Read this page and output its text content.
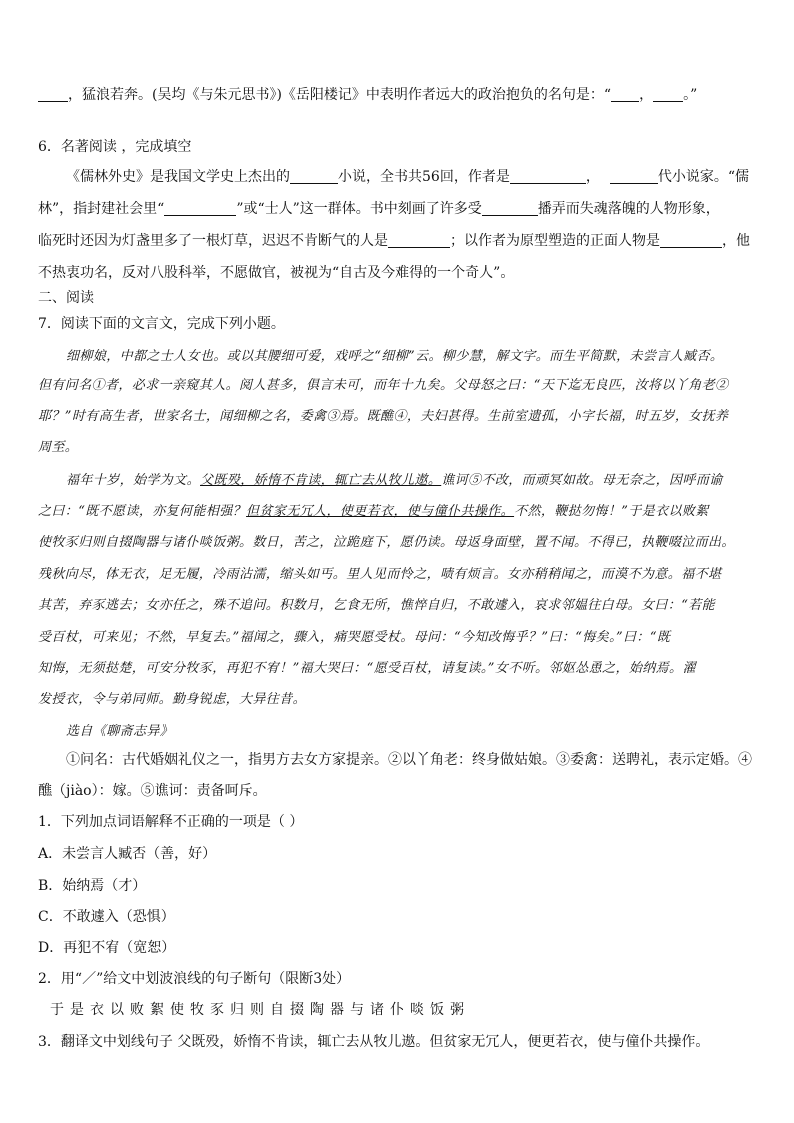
，猛浪若奔。(吴均《与朱元思书》)《岳阳楼记》中表明作者远大的政治抱负的名句是：“ ， 。”
6．名著阅读 ，完成填空
《儒林外史》是我国文学史上杰出的	小说，全书共56回，作者是	，	代小说家。“儒
林”，指封建社会里“	”或“士人”这一群体。书中刻画了许多受	播弄而失魂落魄的人物形象，
临死时还因为灯盏里多了一根灯草，迟迟不肯断气的人是	；以作者为原型塑造的正面人物是	，他
不热衷功名，反对八股科举，不愿做官，被视为“自古及今难得的一个奇人”。
二、阅读
7．阅读下面的文言文，完成下列小题。
细柳娘，中都之士人女也。或以其腰细可爱，戏呼之“细柳”云。柳少慧，解文字。而生平简默，未尝言人臧否。
但有问名①者，必求一亲窥其人。阅人甚多，俱言未可，而年十九矣。父母怒之曰：“天下迄无良匹，汝将以丫角老②
耶？”时有高生者，世家名士，闻细柳之名，委禽③焉。既醮④，夫妇甚得。生前室遗孤，小字长福，时五岁，女抚养
周至。
福年十岁，始学为文。父既殁，娇惰不肯读，辄亡去从牧儿遨。谯诃⑤不改，而顽冥如故。母无奈之，因呼而谕
之曰：“既不愿读，亦复何能相强？但贫家无冗人，使更若衣，使与僮仆共操作。不然，鞭挞勿悔！”于是衣以败絮
使牧豕归则自掇陶器与诸仆啖饭粥。数日，苦之，泣跪庭下，愿仍读。母返身面壁，置不闻。不得已，执鞭啜泣而出。
残秋向尽，体无衣，足无履，冷雨沾濡，缩头如丐。里人见而怜之，啧有烦言。女亦稍稍闻之，而漠不为意。福不堪
其苦，弃豕逃去；女亦任之，殊不追问。积数月，乞食无所，憔悴自归，不敢遽入，哀求邻媪往白母。女曰：“若能
受百杖，可来见；不然，早复去。”福闻之，骤入，痛哭愿受杖。母问：“今知改悔乎？”曰：“悔矣。”曰：“既
知悔，无须挞楚，可安分牧豕，再犯不宥！”福大哭曰：“愿受百杖，请复读。”女不听。邻妪怂恿之，始纳焉。濯
发授衣，令与弟同师。勤身锐虑，大异往昔。
选自《聊斋志异》
①问名：古代婚姻礼仪之一，指男方去女方家提亲。②以丫角老：终身做姑娘。③委禽：送聘礼，表示定婚。④
醮（jiào）：嫁。⑤谯诃：责备呵斥。
1．下列加点词语解释不正确的一项是（ ）
A．未尝言人臧否（善，好）
B．始纳焉（才）
C．不敢遽入（恐惧）
D．再犯不宥（宽恕）
2．用“／”给文中划波浪线的句子断句（限断3处）
于是衣以败絮使牧豕归则自掇陶器与诸仆啖饭粥
3．翻译文中划线句子 父既殁，娇惰不肯读，辄亡去从牧儿遨。但贫家无冗人，便更若衣，使与僮仆共操作。
